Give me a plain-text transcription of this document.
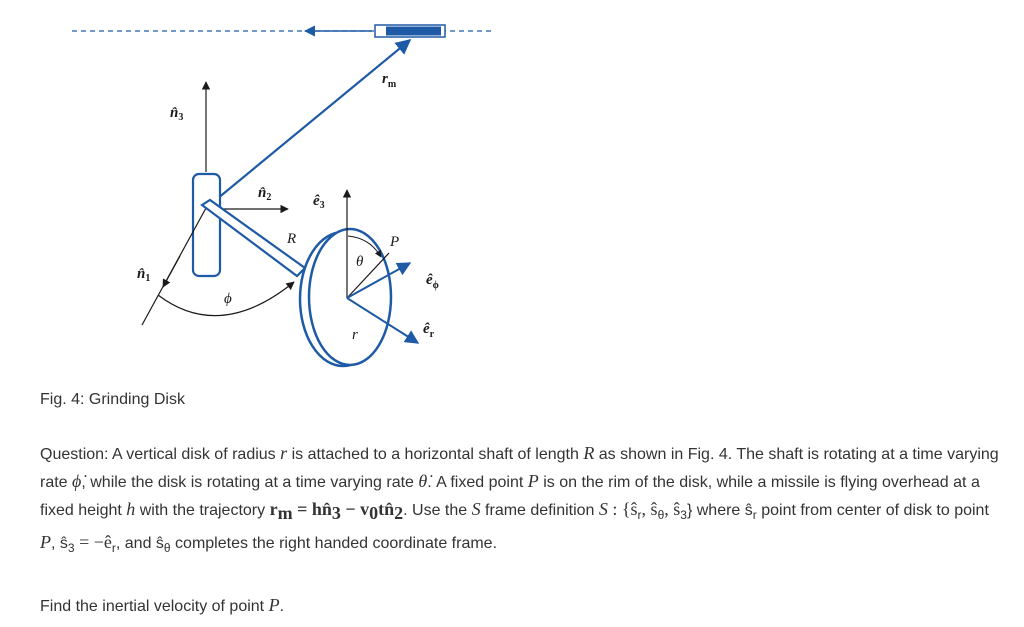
$n̂_3$
$n̂_2$
$n̂_1$
$ê_3$
$r_m$
R	P
θ
ϕ
r
$ê_\phi$
$ê_r$
Fig. 4: Grinding Disk
Question: A vertical disk of radius r is attached to a horizontal shaft of length R as shown in Fig. 4. The shaft is rotating at a time varying rate ϕ̇, while the disk is rotating at a time varying rate θ̇. A fixed point P is on the rim of the disk, while a missile is flying overhead at a fixed height h with the trajectory $r_m$ = $hn̂_3$ − $v_0tn̂_2$. Use the S frame definition S : {$ŝ_r$, $ŝ_\theta$, $ŝ_3$} where $ŝ_r$ point from center of disk to point P, $ŝ_3$ = $-ê_r$, and $ŝ_\theta$ completes the right handed coordinate frame.
Find the inertial velocity of point P.
